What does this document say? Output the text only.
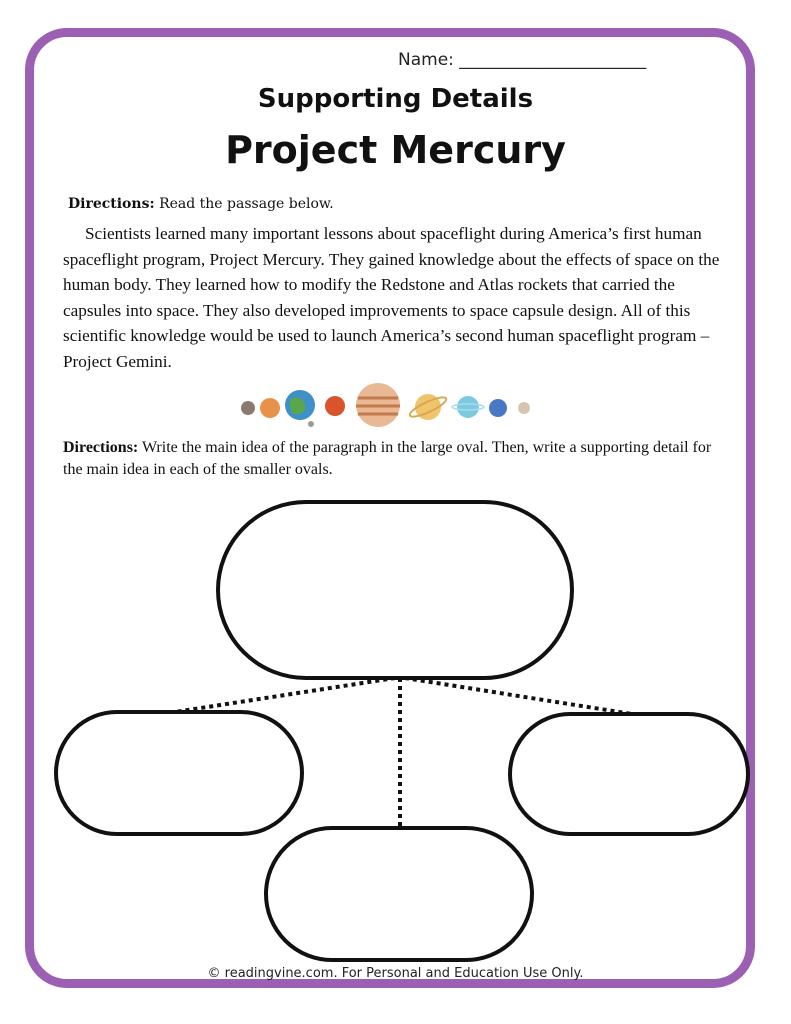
Name: ______________________
Supporting Details
Project Mercury
Directions: Read the passage below.
Scientists learned many important lessons about spaceflight during America’s first human spaceflight program, Project Mercury. They gained knowledge about the effects of space on the human body. They learned how to modify the Redstone and Atlas rockets that carried the capsules into space. They also developed improvements to space capsule design. All of this scientific knowledge would be used to launch America’s second human spaceflight program – Project Gemini.
Directions: Write the main idea of the paragraph in the large oval. Then, write a supporting detail for the main idea in each of the smaller ovals.
© readingvine.com. For Personal and Education Use Only.
